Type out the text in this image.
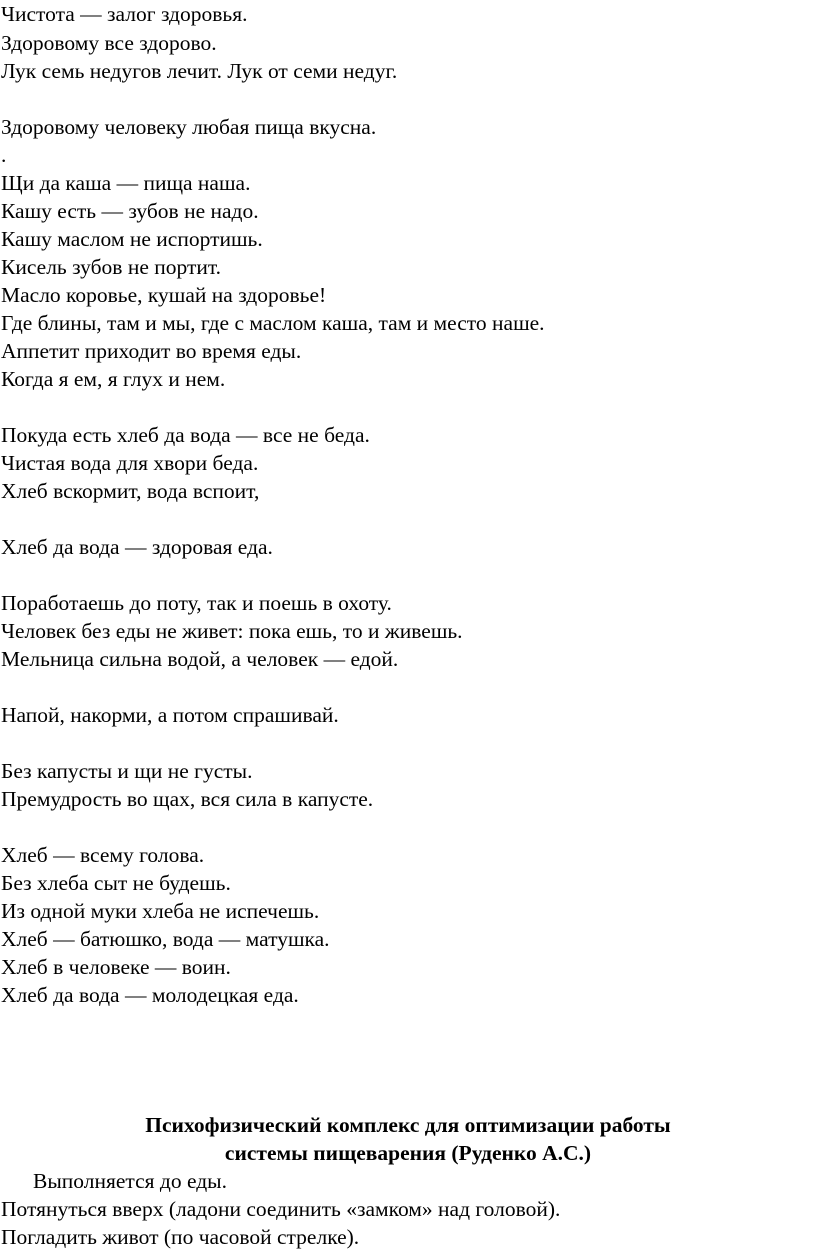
Чистота — залог здоровья.
Здоровому все здорово.
Лук семь недугов лечит. Лук от семи недуг.
Здоровому человеку любая пища вкусна.
.
Щи да каша — пища наша.
Кашу есть — зубов не надо.
Кашу маслом не испортишь.
Кисель зубов не портит.
Масло коровье, кушай на здоровье!
Где блины, там и мы, где с маслом каша, там и место наше.
Аппетит приходит во время еды.
Когда я ем, я глух и нем.
Покуда есть хлеб да вода — все не беда.
Чистая вода для хвори беда.
Хлеб вскормит, вода вспоит,
Хлеб да вода — здоровая еда.
Поработаешь до поту, так и поешь в охоту.
Человек без еды не живет: пока ешь, то и живешь.
Мельница сильна водой, а человек — едой.
Напой, накорми, а потом спрашивай.
Без капусты и щи не густы.
Премудрость во щах, вся сила в капусте.
Хлеб — всему голова.
Без хлеба сыт не будешь.
Из одной муки хлеба не испечешь.
Хлеб — батюшко, вода — матушка.
Хлеб в человеке — воин.
Хлеб да вода — молодецкая еда.
Психофизический комплекс для оптимизации работы
системы пищеварения (Руденко А.С.)
Выполняется до еды.
Потянуться вверх (ладони соединить «замком» над головой).
Погладить живот (по часовой стрелке).
